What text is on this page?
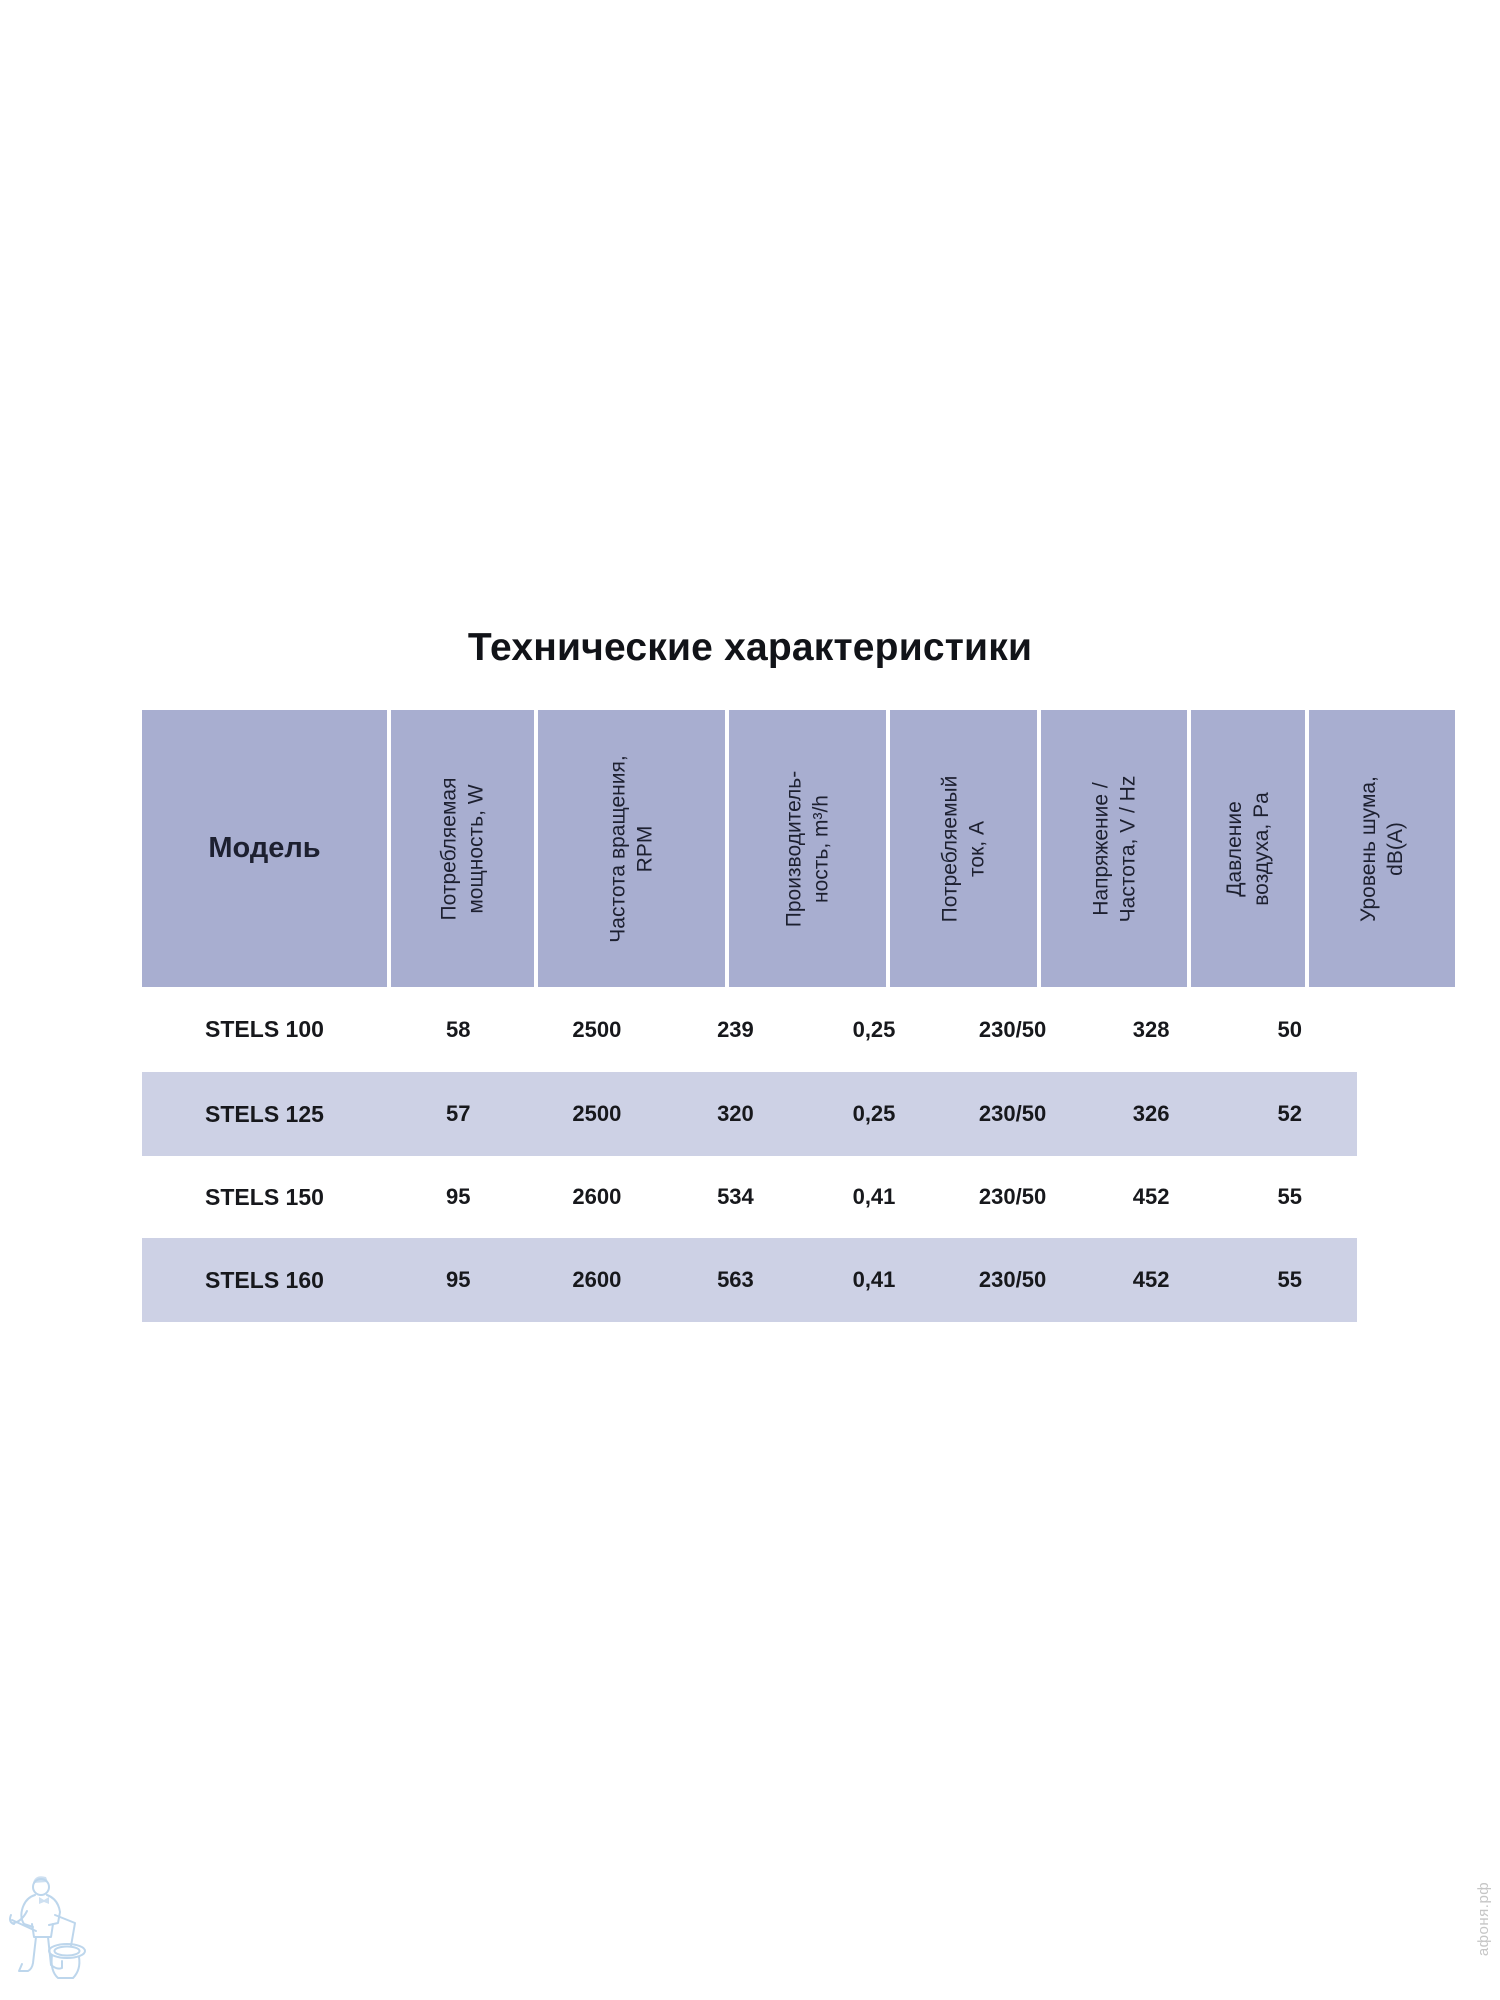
Технические характеристики
Модель	Потребляемая мощность, W	Частота вращения, RPM	Производитель- ность, m³/h	Потребляемый ток, А	Напряжение / Частота, V / Hz	Давление воздуха, Pa	Уровень шума, dB(A)
STELS 100	58	2500	239	0,25	230/50	328	50
STELS 125	57	2500	320	0,25	230/50	326	52
STELS 150	95	2600	534	0,41	230/50	452	55
STELS 160	95	2600	563	0,41	230/50	452	55
афоня.рф
